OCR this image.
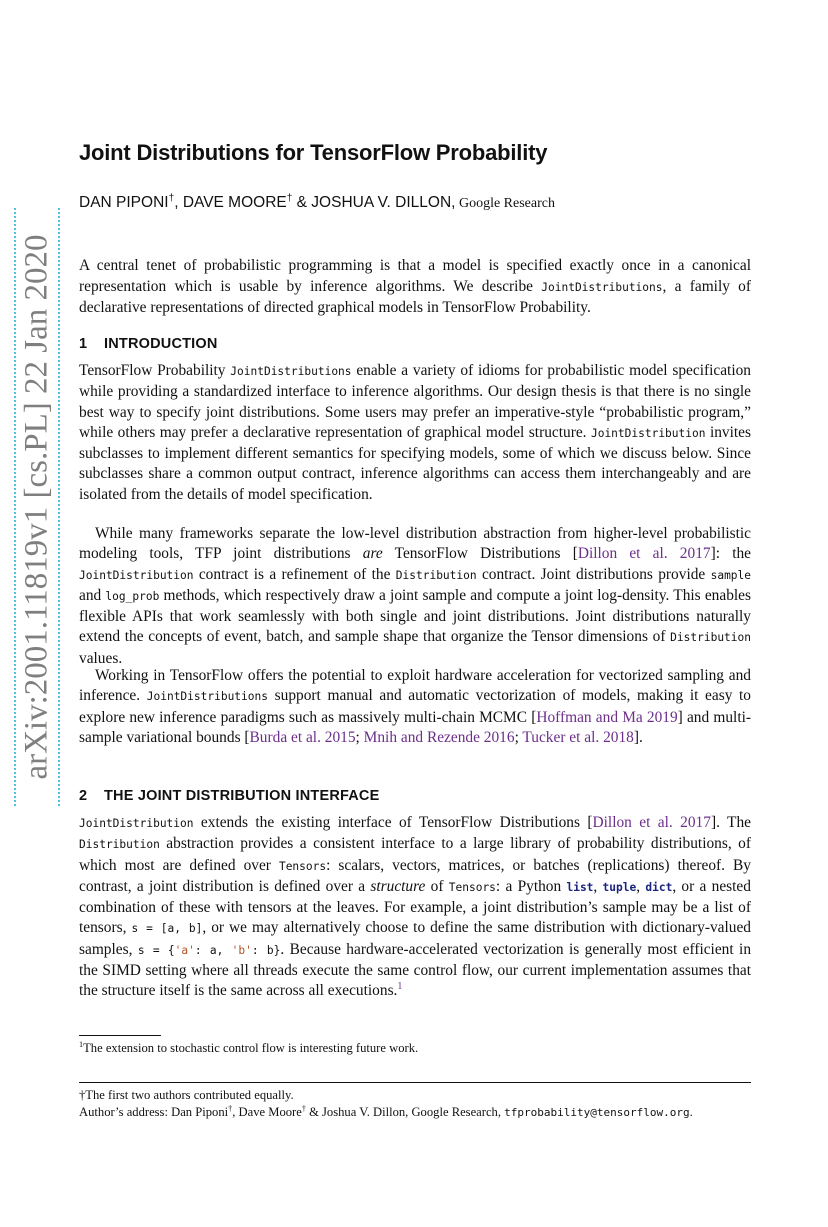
arXiv:2001.11819v1 [cs.PL] 22 Jan 2020
Joint Distributions for TensorFlow Probability
DAN PIPONI†, DAVE MOORE† & JOSHUA V. DILLON, Google Research

A central tenet of probabilistic programming is that a model is specified exactly once in a canonical representation which is usable by inference algorithms. We describe JointDistributions, a family of declarative representations of directed graphical models in TensorFlow Probability.

1 INTRODUCTION

TensorFlow Probability JointDistributions enable a variety of idioms for probabilistic model specification while providing a standardized interface to inference algorithms. Our design thesis is that there is no single best way to specify joint distributions. Some users may prefer an imperative-style “probabilistic program,” while others may prefer a declarative representation of graphical model structure. JointDistribution invites subclasses to implement different semantics for specifying models, some of which we discuss below. Since subclasses share a common output contract, inference algorithms can access them interchangeably and are isolated from the details of model specification.

While many frameworks separate the low-level distribution abstraction from higher-level probabilistic modeling tools, TFP joint distributions are TensorFlow Distributions [Dillon et al. 2017]: the JointDistribution contract is a refinement of the Distribution contract. Joint distributions provide sample and log_prob methods, which respectively draw a joint sample and compute a joint log-density. This enables flexible APIs that work seamlessly with both single and joint distributions. Joint distributions naturally extend the concepts of event, batch, and sample shape that organize the Tensor dimensions of Distribution values.

Working in TensorFlow offers the potential to exploit hardware acceleration for vectorized sampling and inference. JointDistributions support manual and automatic vectorization of models, making it easy to explore new inference paradigms such as massively multi-chain MCMC [Hoffman and Ma 2019] and multi-sample variational bounds [Burda et al. 2015; Mnih and Rezende 2016; Tucker et al. 2018].

2 THE JOINT DISTRIBUTION INTERFACE

JointDistribution extends the existing interface of TensorFlow Distributions [Dillon et al. 2017]. The Distribution abstraction provides a consistent interface to a large library of probability distributions, of which most are defined over Tensors: scalars, vectors, matrices, or batches (replications) thereof. By contrast, a joint distribution is defined over a structure of Tensors: a Python list, tuple, dict, or a nested combination of these with tensors at the leaves. For example, a joint distribution’s sample may be a list of tensors, s = [a, b], or we may alternatively choose to define the same distribution with dictionary-valued samples, s = {'a': a, 'b': b}. Because hardware-accelerated vectorization is generally most efficient in the SIMD setting where all threads execute the same control flow, our current implementation assumes that the structure itself is the same across all executions.$^1$

$^1$The extension to stochastic control flow is interesting future work.

†The first two authors contributed equally.

Author’s address: Dan Piponi†, Dave Moore† & Joshua V. Dillon, Google Research, tfprobability@tensorflow.org.
